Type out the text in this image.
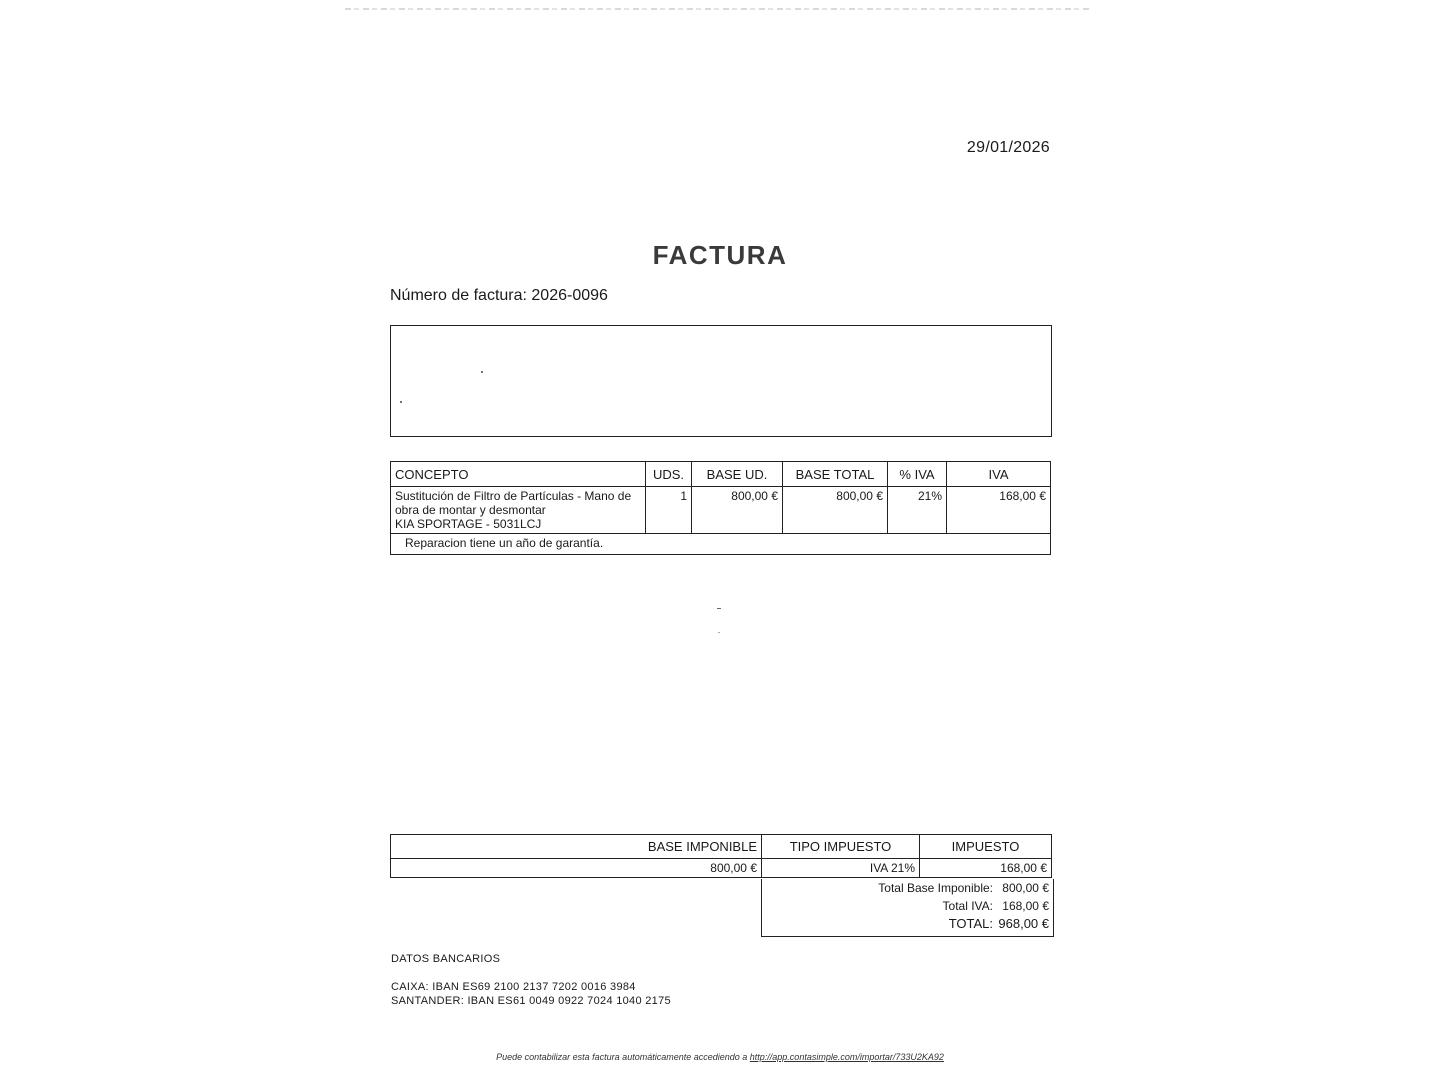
29/01/2026
FACTURA
Número de factura: 2026-0096
CONCEPTO	UDS.	BASE UD.	BASE TOTAL	% IVA	IVA

Sustitución de Filtro de Partículas - Mano de
obra de montar y desmontar
KIA SPORTAGE - 5031LCJ	1	800,00 €	800,00 €	21%	168,00 €
Reparacion tiene un año de garantía.					
BASE IMPONIBLE	TIPO IMPUESTO	IMPUESTO
800,00 €	IVA 21%	168,00 €
Total Base Imponible: 800,00 €
Total IVA: 168,00 €
TOTAL: 968,00 €
DATOS BANCARIOS
CAIXA: IBAN ES69 2100 2137 7202 0016 3984
SANTANDER: IBAN ES61 0049 0922 7024 1040 2175
Puede contabilizar esta factura automáticamente accediendo a http://app.contasimple.com/importar/733U2KA92
